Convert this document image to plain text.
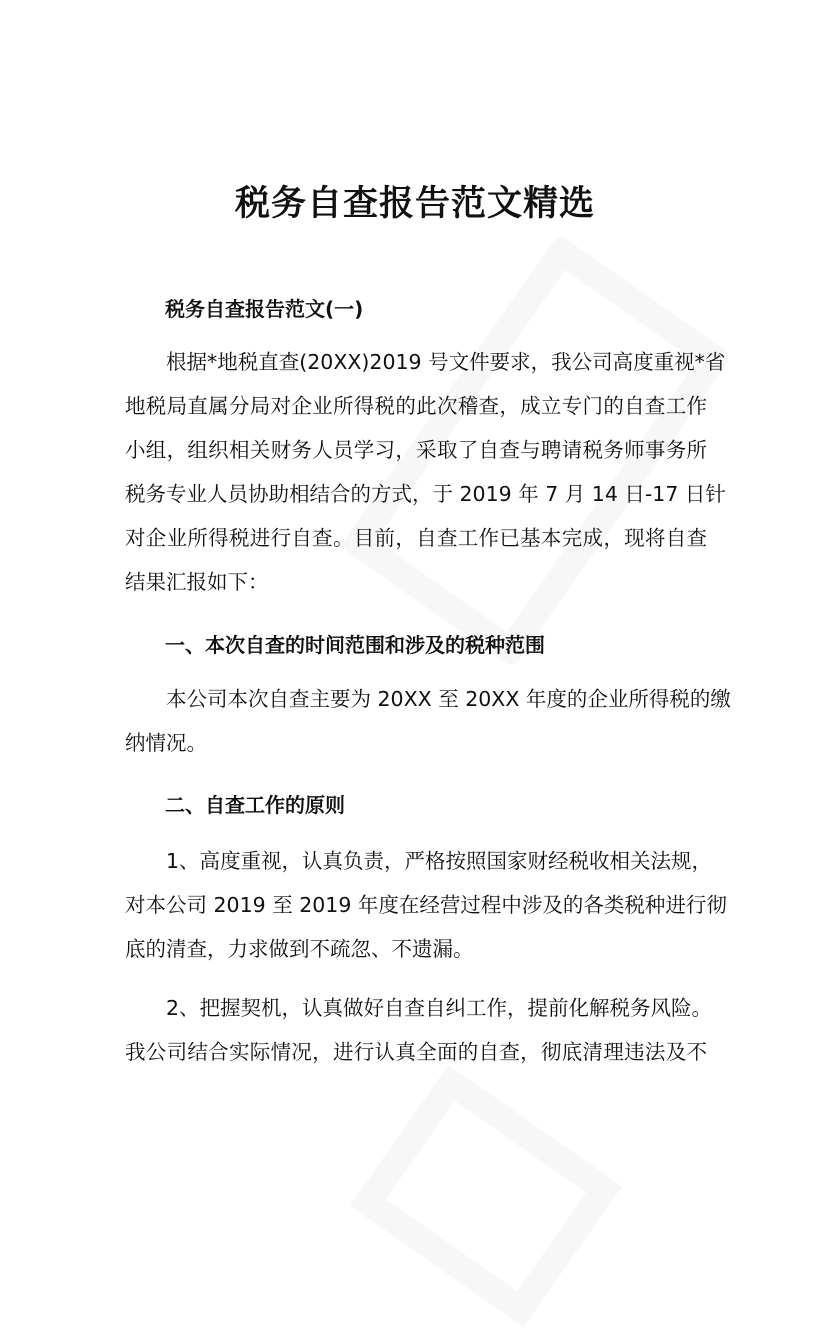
税务自查报告范文精选
税务自查报告范文(一)
根据*地税直查(20XX)2019 号文件要求，我公司高度重视*省
地税局直属分局对企业所得税的此次稽查，成立专门的自查工作
小组，组织相关财务人员学习，采取了自查与聘请税务师事务所
税务专业人员协助相结合的方式，于 2019 年 7 月 14 日-17 日针
对企业所得税进行自查。目前，自查工作已基本完成，现将自查
结果汇报如下：
一、本次自查的时间范围和涉及的税种范围
本公司本次自查主要为 20XX 至 20XX 年度的企业所得税的缴
纳情况。
二、自查工作的原则
1、高度重视，认真负责，严格按照国家财经税收相关法规，
对本公司 2019 至 2019 年度在经营过程中涉及的各类税种进行彻
底的清查，力求做到不疏忽、不遗漏。
2、把握契机，认真做好自查自纠工作，提前化解税务风险。
我公司结合实际情况，进行认真全面的自查，彻底清理违法及不
